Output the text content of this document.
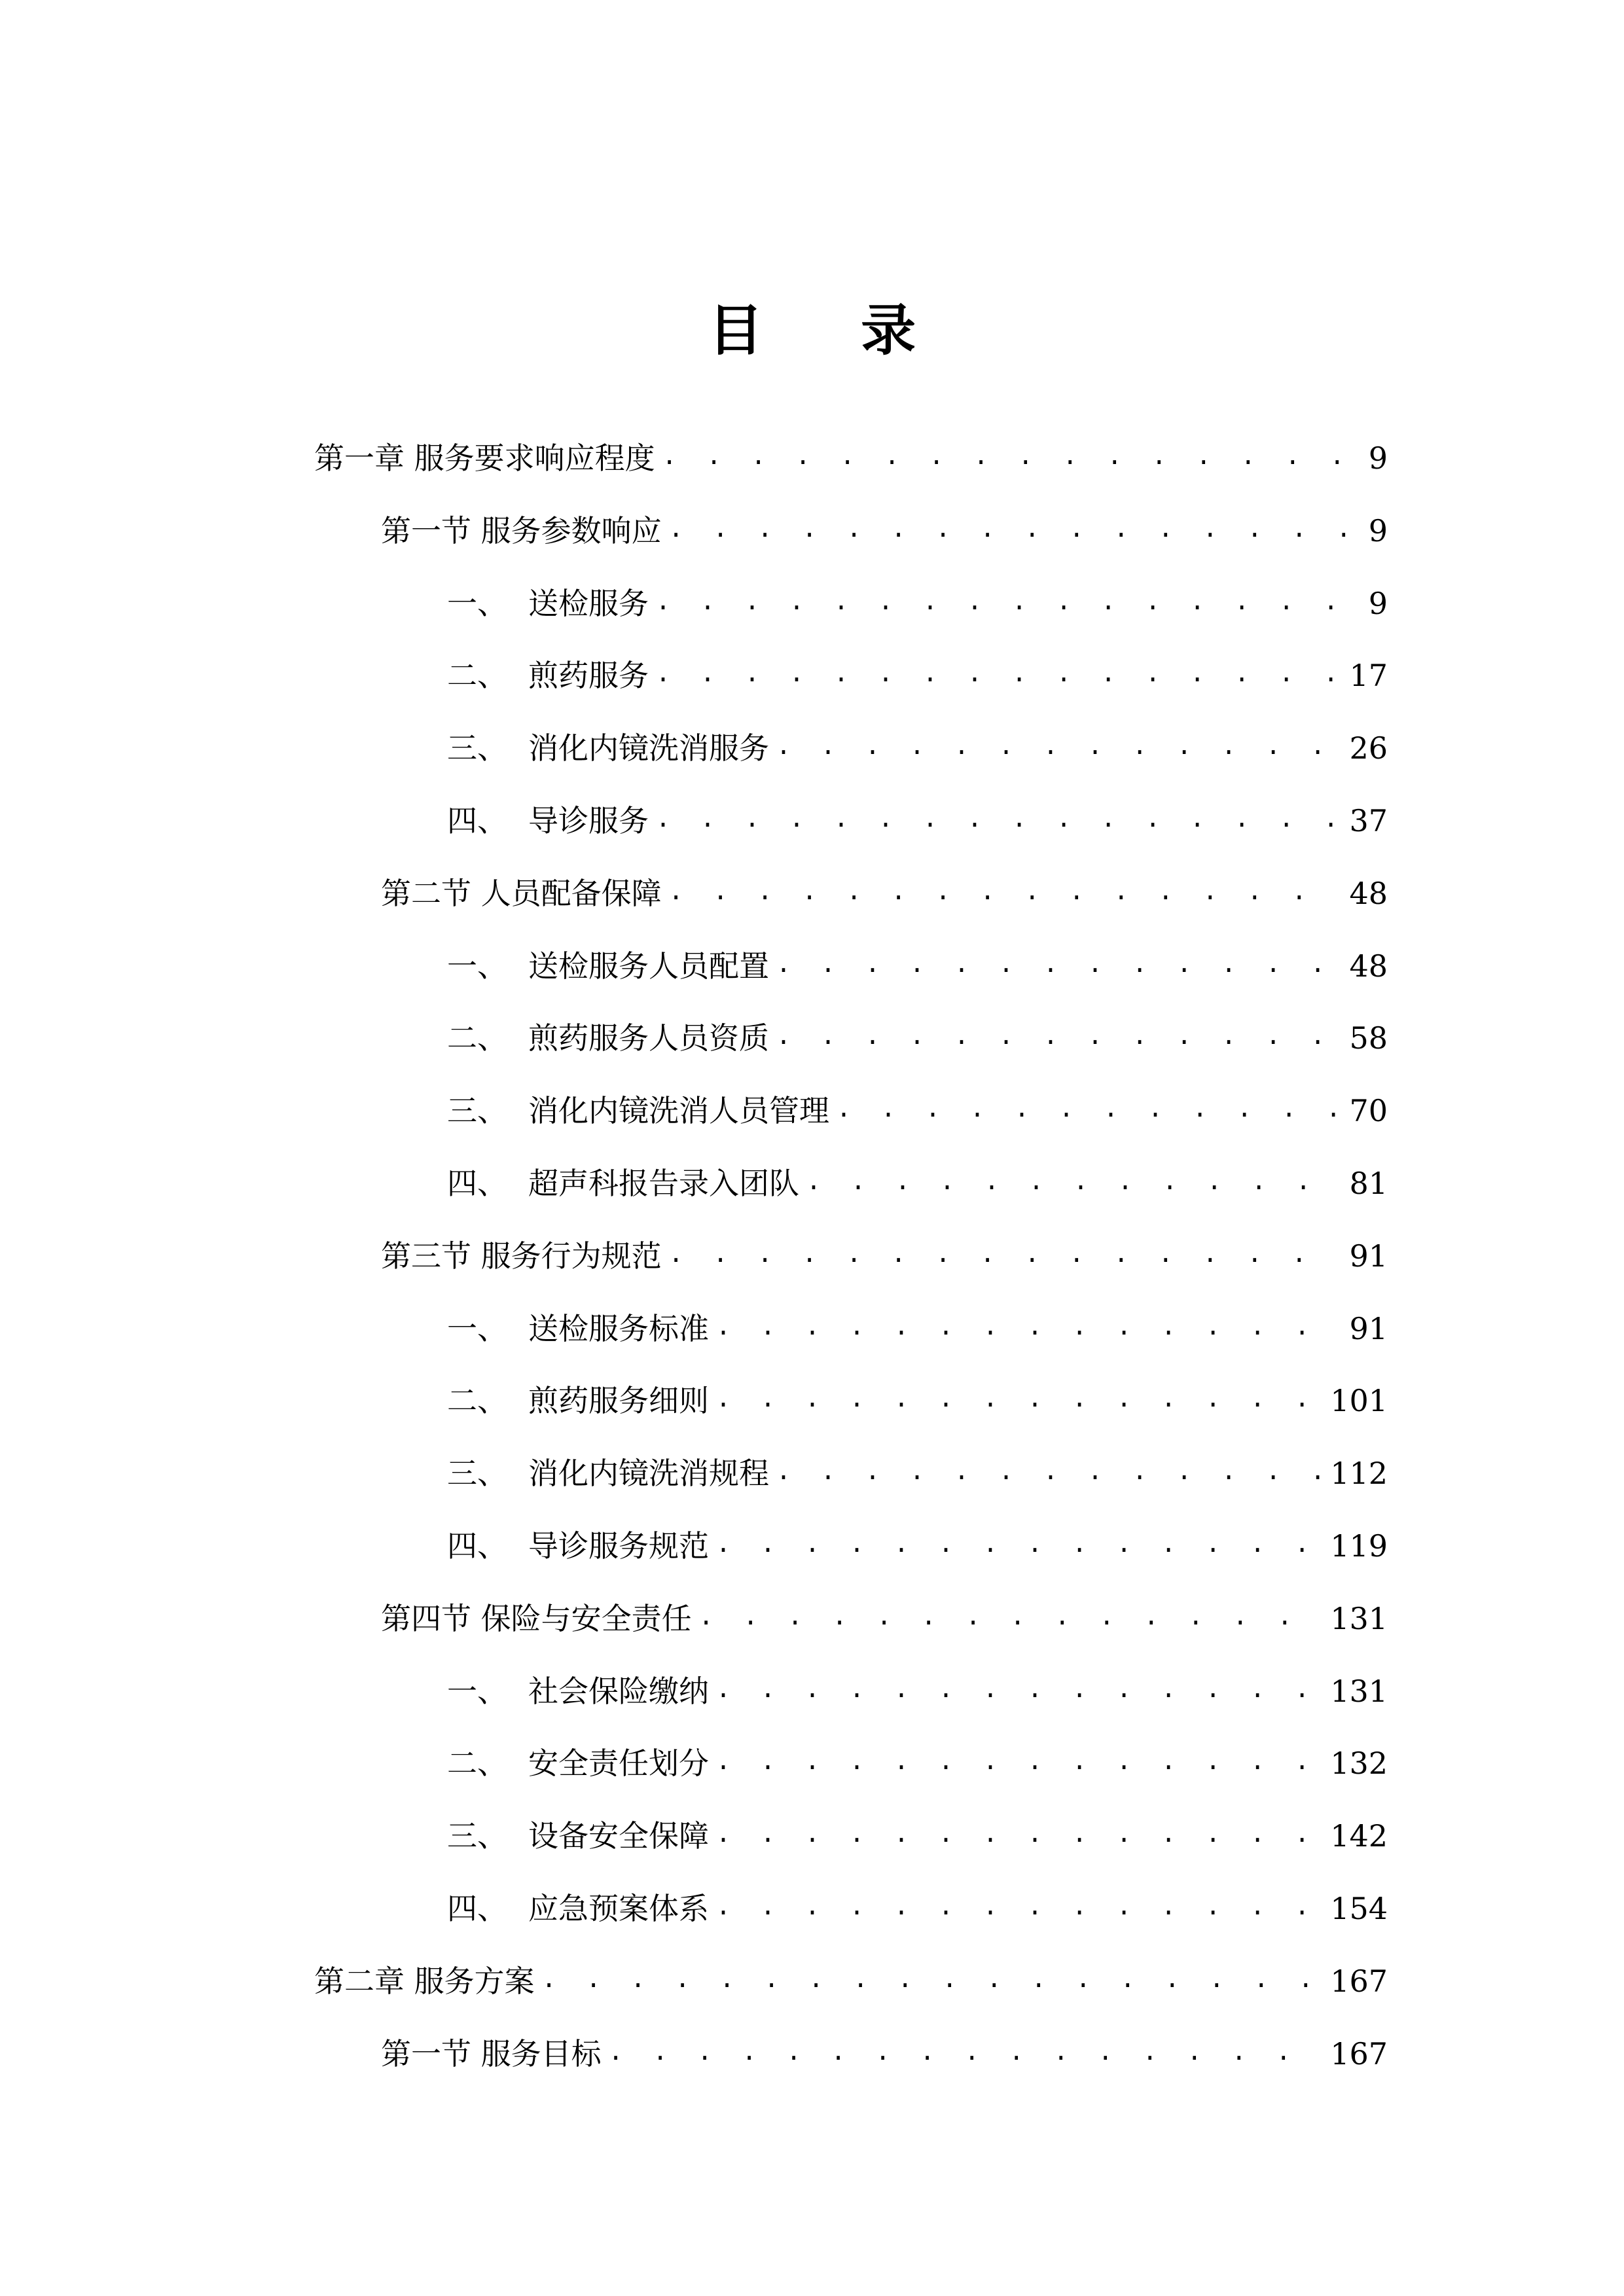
目 录
第一章 服务要求响应程度 . . .	9
第一节 服务参数响应 . . .	9
一、 送检服务 . . .	9
二、 煎药服务 . . .	17
三、 消化内镜洗消服务 . . .	26
四、 导诊服务 . . .	37
第二节 人员配备保障 . . .	48
一、 送检服务人员配置 . . .	48
二、 煎药服务人员资质 . . .	58
三、 消化内镜洗消人员管理 . . .	70
四、 超声科报告录入团队 . . .	81
第三节 服务行为规范 . . .	91
一、 送检服务标准 . . .	91
二、 煎药服务细则 . . .	101
三、 消化内镜洗消规程 . . .	112
四、 导诊服务规范 . . .	119
第四节 保险与安全责任 . . .	131
一、 社会保险缴纳 . . .	131
二、 安全责任划分 . . .	132
三、 设备安全保障 . . .	142
四、 应急预案体系 . . .	154
第二章 服务方案 . . .	167
第一节 服务目标 . . .	167
